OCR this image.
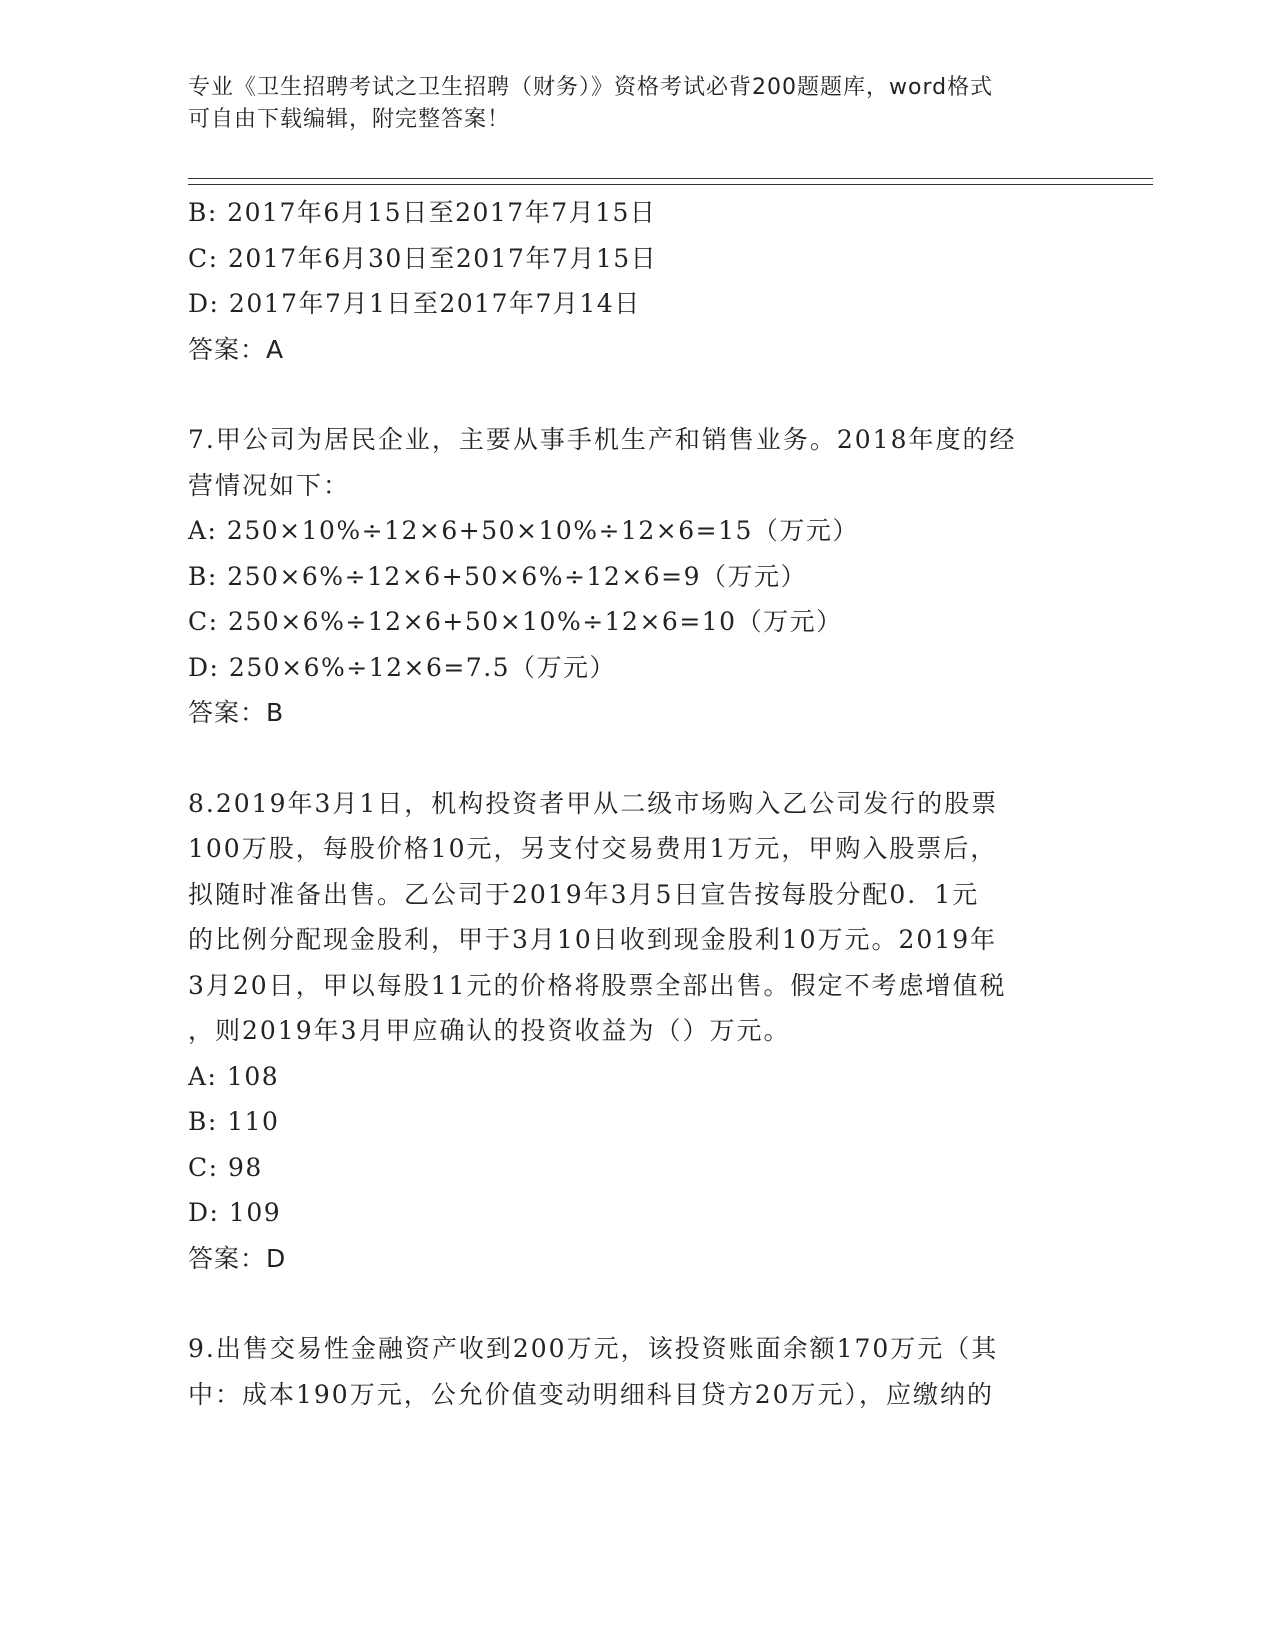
专业《卫生招聘考试之卫生招聘（财务）》资格考试必背200题题库，word格式
可自由下载编辑，附完整答案！
B: 2017年6月15日至2017年7月15日
C: 2017年6月30日至2017年7月15日
D: 2017年7月1日至2017年7月14日
答案：A
7.甲公司为居民企业，主要从事手机生产和销售业务。2018年度的经
营情况如下：
A: 250×10%÷12×6+50×10%÷12×6=15（万元）
B: 250×6%÷12×6+50×6%÷12×6=9（万元）
C: 250×6%÷12×6+50×10%÷12×6=10（万元）
D: 250×6%÷12×6=7.5（万元）
答案：B
8.2019年3月1日，机构投资者甲从二级市场购入乙公司发行的股票
100万股，每股价格10元，另支付交易费用1万元，甲购入股票后，
拟随时准备出售。乙公司于2019年3月5日宣告按每股分配0．1元
的比例分配现金股利，甲于3月10日收到现金股利10万元。2019年
3月20日，甲以每股11元的价格将股票全部出售。假定不考虑增值税
，则2019年3月甲应确认的投资收益为（）万元。
A: 108
B: 110
C: 98
D: 109
答案：D
9.出售交易性金融资产收到200万元，该投资账面余额170万元（其
中：成本190万元，公允价值变动明细科目贷方20万元），应缴纳的
